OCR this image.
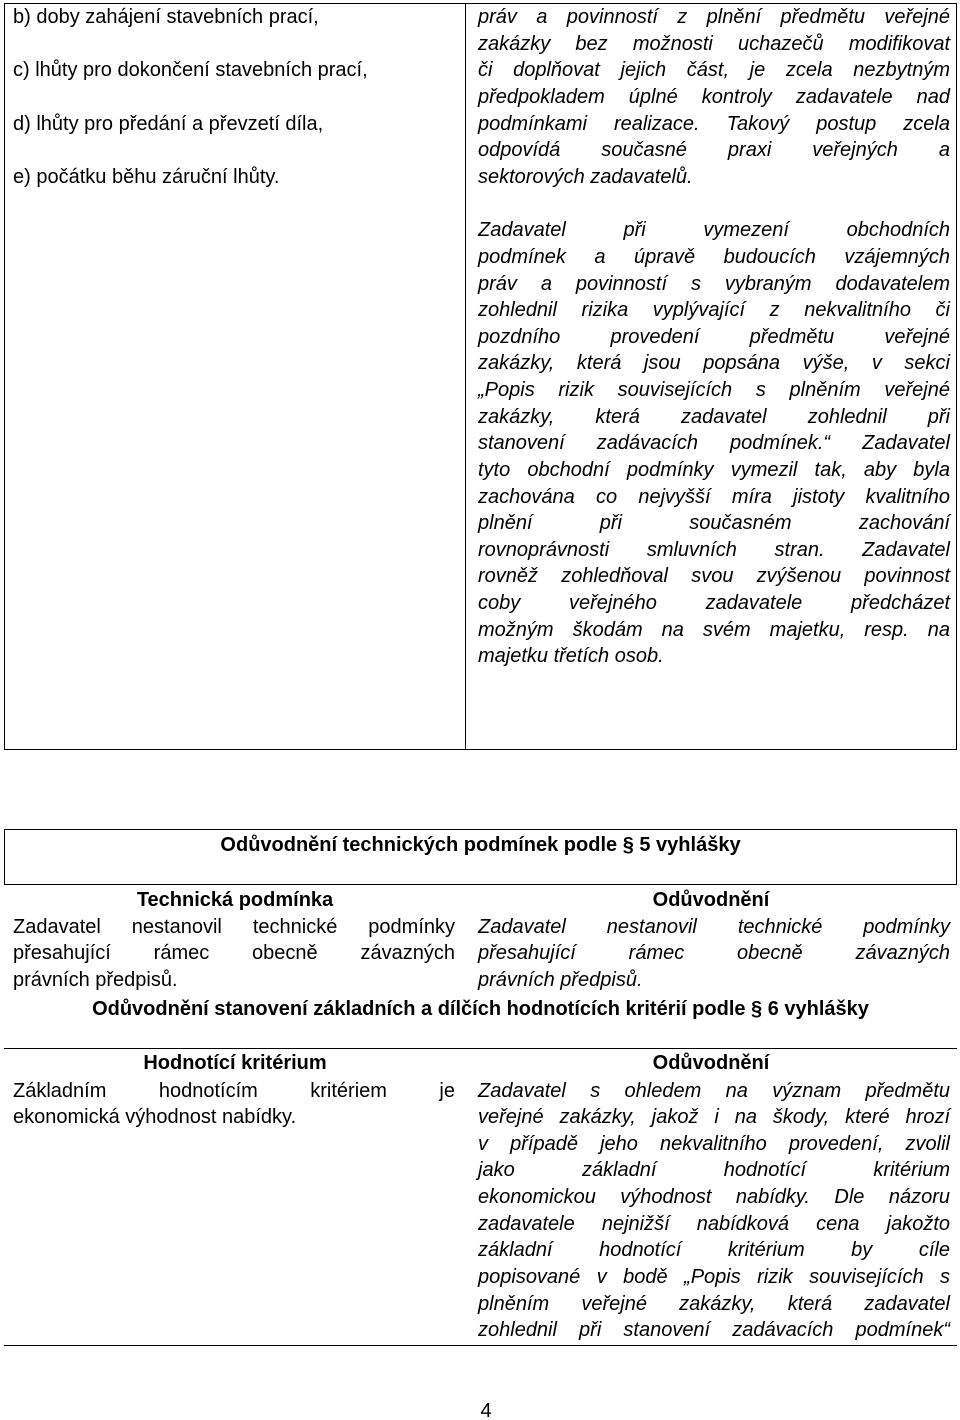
b) doby zahájení stavebních prací,
c) lhůty pro dokončení stavebních prací,
d) lhůty pro předání a převzetí díla,
e) počátku běhu záruční lhůty.
práv a povinností z plnění předmětu veřejné
zakázky bez možnosti uchazečů modifikovat
či doplňovat jejich část, je zcela nezbytným
předpokladem úplné kontroly zadavatele nad
podmínkami realizace. Takový postup zcela
odpovídá současné praxi veřejných a
sektorových zadavatelů.
Zadavatel při vymezení obchodních
podmínek a úpravě budoucích vzájemných
práv a povinností s vybraným dodavatelem
zohlednil rizika vyplývající z nekvalitního či
pozdního provedení předmětu veřejné
zakázky, která jsou popsána výše, v sekci
„Popis rizik souvisejících s plněním veřejné
zakázky, která zadavatel zohlednil při
stanovení zadávacích podmínek.“ Zadavatel
tyto obchodní podmínky vymezil tak, aby byla
zachována co nejvyšší míra jistoty kvalitního
plnění při současném zachování
rovnoprávnosti smluvních stran. Zadavatel
rovněž zohledňoval svou zvýšenou povinnost
coby veřejného zadavatele předcházet
možným škodám na svém majetku, resp. na
majetku třetích osob.
Odůvodnění technických podmínek podle § 5 vyhlášky
Technická podmínka	Odůvodnění
Zadavatel nestanovil technické podmínky
přesahující rámec obecně závazných
právních předpisů.
Zadavatel nestanovil technické podmínky
přesahující rámec obecně závazných
právních předpisů.
Odůvodnění stanovení základních a dílčích hodnotících kritérií podle § 6 vyhlášky
Hodnotící kritérium	Odůvodnění
Základním hodnotícím kritériem je
ekonomická výhodnost nabídky.
Zadavatel s ohledem na význam předmětu
veřejné zakázky, jakož i na škody, které hrozí
v případě jeho nekvalitního provedení, zvolil
jako základní hodnotící kritérium
ekonomickou výhodnost nabídky. Dle názoru
zadavatele nejnižší nabídková cena jakožto
základní hodnotící kritérium by cíle
popisované v bodě „Popis rizik souvisejících s
plněním veřejné zakázky, která zadavatel
zohlednil při stanovení zadávacích podmínek“
4
